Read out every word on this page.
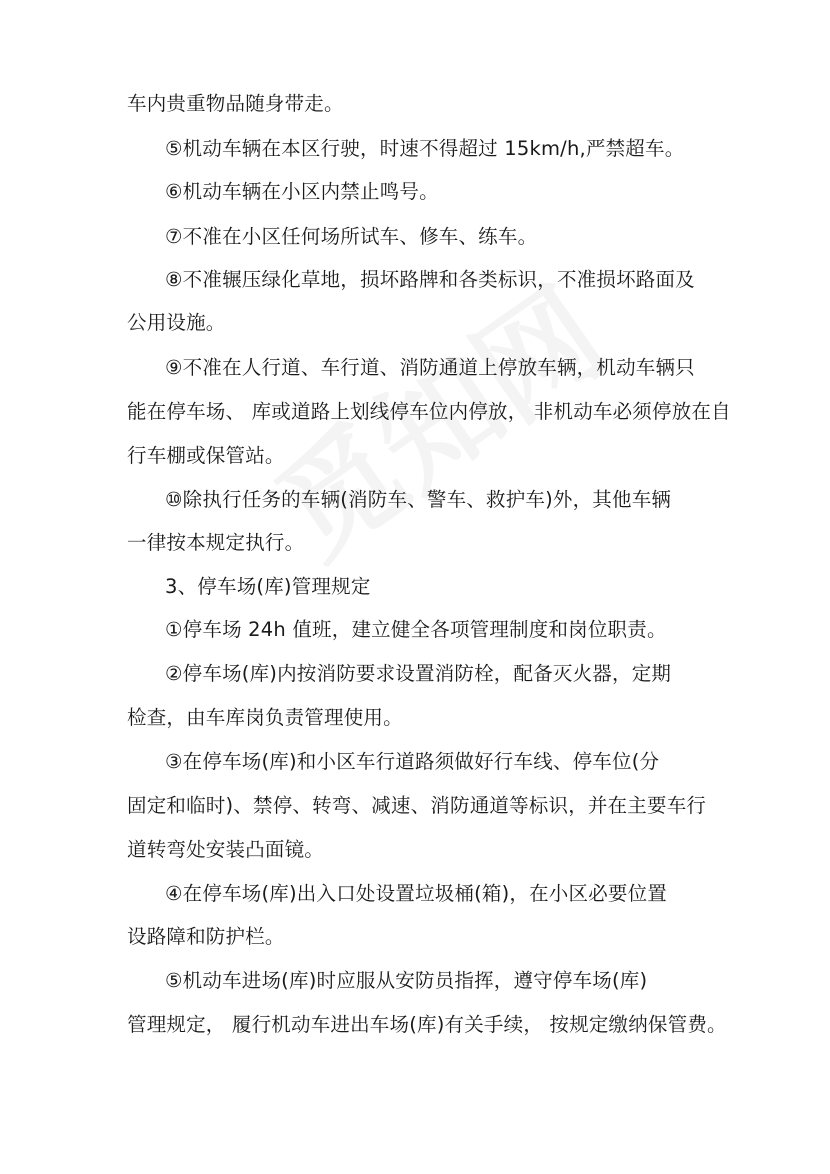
车内贵重物品随身带走。
⑤机动车辆在本区行驶，时速不得超过 15km/h,严禁超车。
⑥机动车辆在小区内禁止鸣号。
⑦不准在小区任何场所试车、修车、练车。
⑧不准辗压绿化草地，损坏路牌和各类标识，不准损坏路面及
公用设施。
⑨不准在人行道、车行道、消防通道上停放车辆，机动车辆只
能在停车场、 库或道路上划线停车位内停放， 非机动车必须停放在自
行车棚或保管站。
⑩除执行任务的车辆(消防车、警车、救护车)外，其他车辆
一律按本规定执行。
3、停车场(库)管理规定
①停车场 24h 值班，建立健全各项管理制度和岗位职责。
②停车场(库)内按消防要求设置消防栓，配备灭火器，定期
检查，由车库岗负责管理使用。
③在停车场(库)和小区车行道路须做好行车线、停车位(分
固定和临时)、禁停、转弯、减速、消防通道等标识，并在主要车行
道转弯处安装凸面镜。
④在停车场(库)出入口处设置垃圾桶(箱)，在小区必要位置
设路障和防护栏。
⑤机动车进场(库)时应服从安防员指挥，遵守停车场(库)
管理规定， 履行机动车进出车场(库)有关手续， 按规定缴纳保管费。
